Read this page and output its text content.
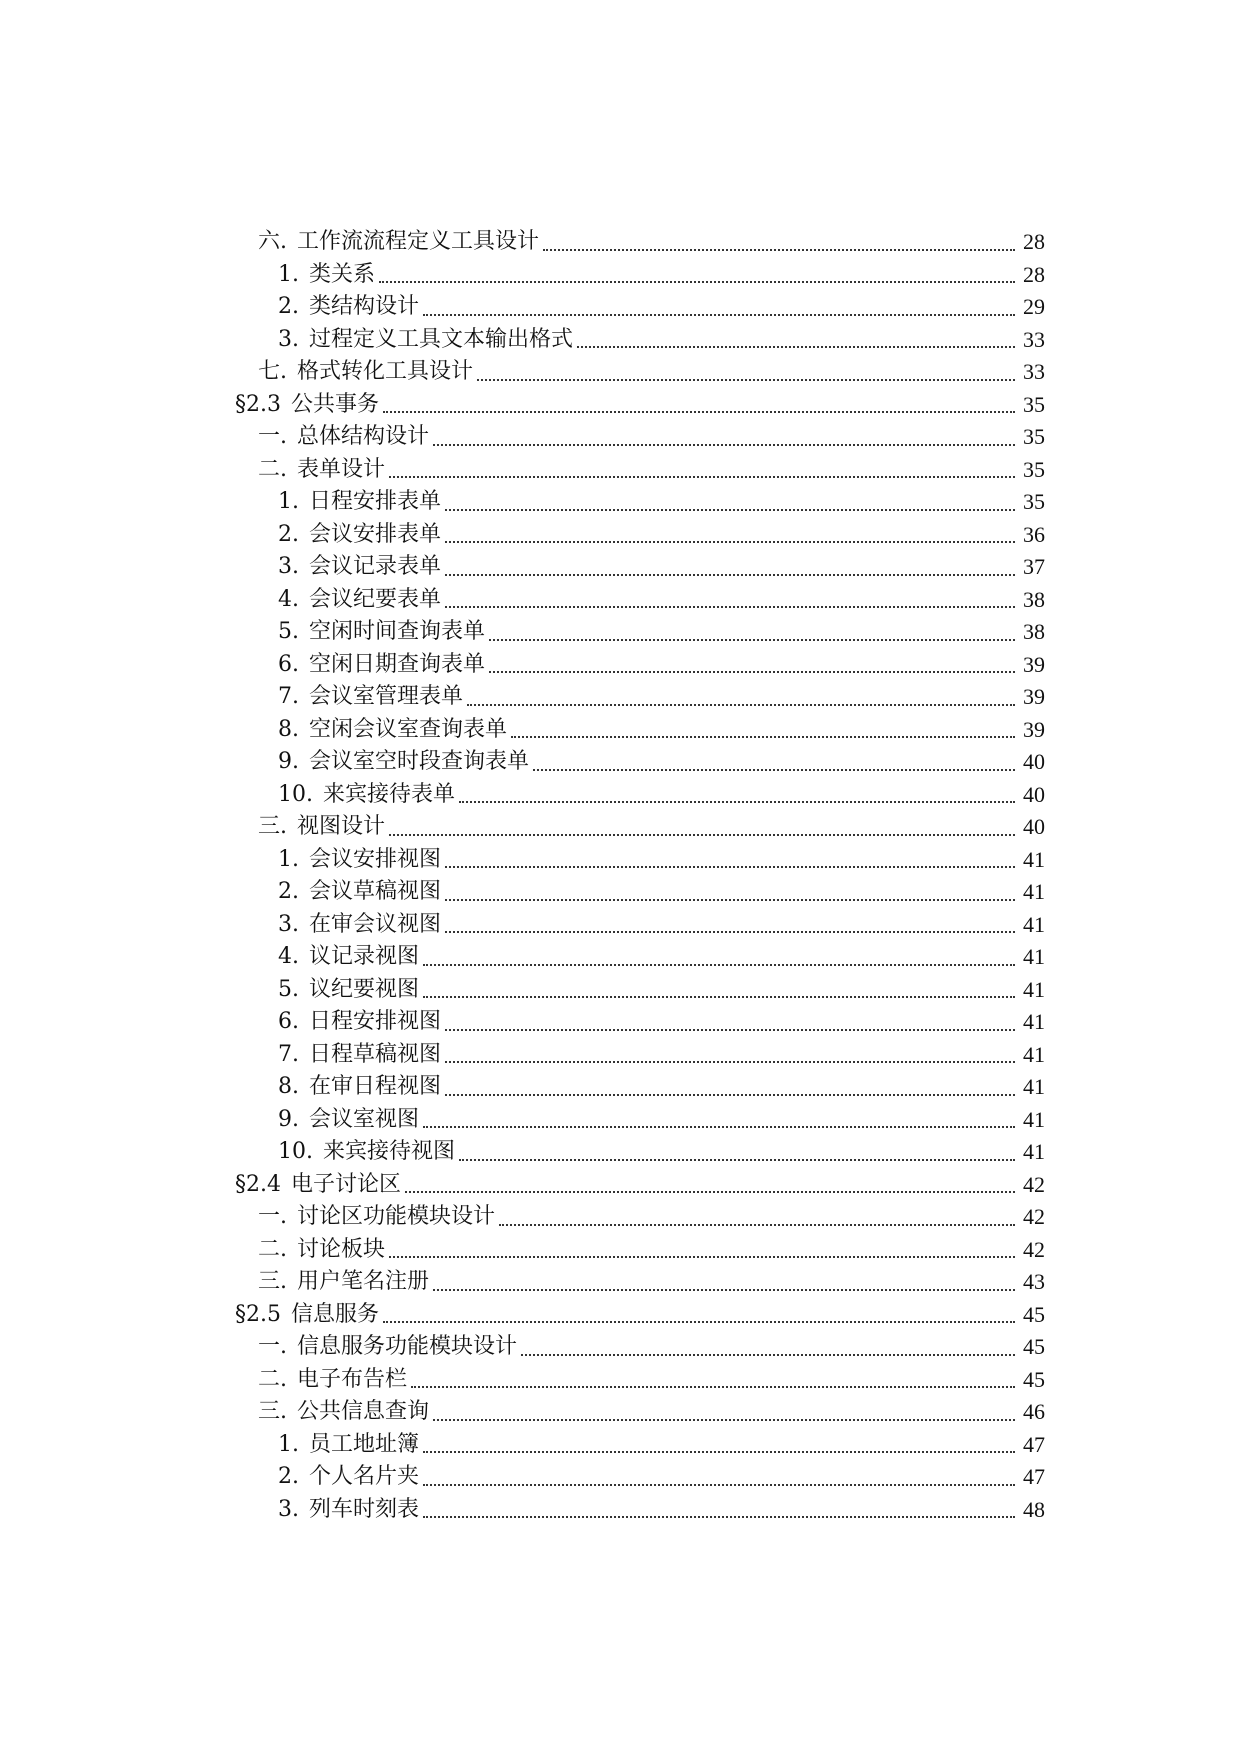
六. 工作流流程定义工具设计	28
1. 类关系	28
2. 类结构设计	29
3. 过程定义工具文本输出格式	33
七. 格式转化工具设计	33
§2.3 公共事务	35
一. 总体结构设计	35
二. 表单设计	35
1. 日程安排表单	35
2. 会议安排表单	36
3. 会议记录表单	37
4. 会议纪要表单	38
5. 空闲时间查询表单	38
6. 空闲日期查询表单	39
7. 会议室管理表单	39
8. 空闲会议室查询表单	39
9. 会议室空时段查询表单	40
10. 来宾接待表单	40
三. 视图设计	40
1. 会议安排视图	41
2. 会议草稿视图	41
3. 在审会议视图	41
4. 议记录视图	41
5. 议纪要视图	41
6. 日程安排视图	41
7. 日程草稿视图	41
8. 在审日程视图	41
9. 会议室视图	41
10. 来宾接待视图	41
§2.4 电子讨论区	42
一. 讨论区功能模块设计	42
二. 讨论板块	42
三. 用户笔名注册	43
§2.5 信息服务	45
一. 信息服务功能模块设计	45
二. 电子布告栏	45
三. 公共信息查询	46
1. 员工地址簿	47
2. 个人名片夹	47
3. 列车时刻表	48
